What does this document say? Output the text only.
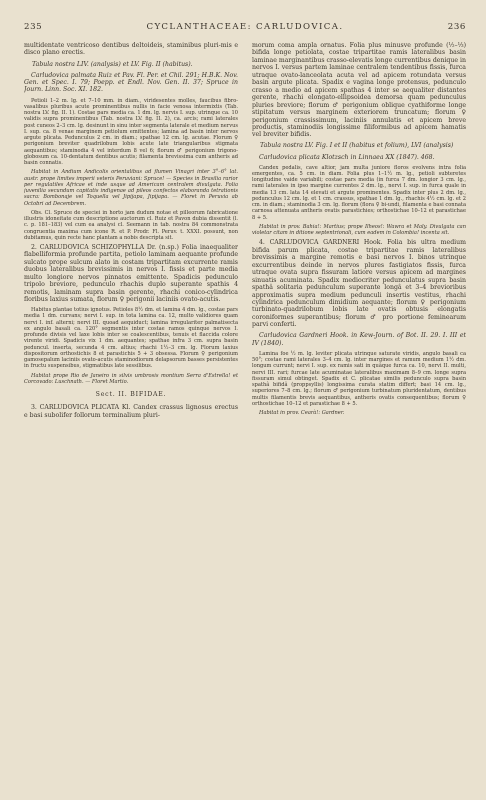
235	CYCLANTHACEAE: CARLUDOVICA.	236

multidentate ventricoso dentibus deltoideis, staminibus pluri-mis e disco plano erectis.

Tabula nostra LIV. (analysis) et LV. Fig. II (habitus).

Carludovica palmata Ruiz et Pav. Fl. Per. et Chil. 291; H.B.K. Nov. Gen. et Spec. I. 79; Poepp. et Endl. Nov. Gen. II. 37; Spruce in Journ. Linn. Soc. XI. 182.

Petioli 1–2 m. lg. et 7–10 mm. in diam., viridesentes molles, faucibus fibro-vasalibus pluribus acute prominentibus nullis in facie venosa intermixtis (Tab. nostra LV. fig. II. 1). Costae pars media ca. 1 dm. lg. nervis I. sup. utrinque ca. 10 validis supra prominentibus (Tab. nostra LV. fig. II. 2), ca. arcis; rami laterales post cuneos 2–3 cm. lg. desinunt in sinu inter segmenta laterale et medium nervus I. sup. ca. 8 venae marginem petiolum emittentes; lamina ad basin inter nervos argute plicata. Pedunculus 2 cm. in diam.; spathae 12 cm. lg. acutae. Florum ♀ perigonium breviter quadrilobum lobis acute late triangularibus stigmata aequantibus; staminodia 4 vel interdum 8 vel 6; florum ♂ perigonium trigono-globosum ca. 10-dentatum dentibus acutis; filamenta brevissima cum antheris ad basin connatis.

Habitat in Andium Andicolis orientalibus ad flumen Vinagri inter 3°–6° lat. austr. prope limites imperii veteris Peruviani: Spruce! — Species in Brasilia rarior per regulatiles Africae et inde usque ad Americam centralem divulgata. Folia juvenilia secundum capitatis indigenae ad pileos confectos elaboranda tetrationis sacra: Bombonaje vel Toquella vel Jipijapa, Jipijapa. — Floret in Peruvia ab Octobri ad Decembrem.

Obs. Cl. Spruce de speciei in horto jam dudum notae et pilleorum fabricatione illustris idoneitate cum descriptione auctorum cl. Ruiz et Pavon dubia dissentit (l. c. p. 181–183) vel cum ea analysi cl. Seemann in tab. nostra 84 commonstrata congruentia maxima cum icone R. et P. Prodr. Fl. Peruv. t. XXXI. possunt, non dubitamus, quin recte hanc plantam a nobis descripta sit.

2. CARLUDOVICA SCHIZOPHYLLA Dr. (n.sp.) Folia inaequaliter flabelliformia profunde partita, petiolo laminam aequante profunde sulcato prope sulcum alato in costam tripartitam excurrente ramis duobus lateralibus brevissimis in nervos I. fissis et parte media multo longiore nervos pinnatos emittente. Spadicis pedunculo tripolo breviore, pedunculo rhachis duplo superante spathis 4 remotis, laminam supra basin gerente, rhachi conico-cylindrica floribus laxius sumata, florum ♀ perigonii laciniis ovato-acutis.

Habitus plantae totius ignotus. Petioles 8½ dm. et lamina 4 dm. lg., costae pars media 1 dm. curvans; nervi I. sup. in tota lamina ca. 12, multo validiores quam nervi I. inf. alterni; nervi III. quoad aequiduct; lamina irregulariter palmatisecta ex angulo basali ca. 120° segmentis inter costae ramos quinque nervos I. profunde divisis vel laxe lobis inter se coalescentibus, tenuis et flaccida colore virente viridi. Spadicis vix 1 dm. aequantes; spathae infra 3 cm. supra basin peduncul. inserta, secunda 4 cm. altius; rhachi 1½–3 cm. lg. Florum laxius dispositorum orthostichis 8 et parastichis 5 + 3 obsessa. Florum ♀ perigonium gamosepalum laciniis ovato-acutis staminodiorum delapsorum basses persistentes in fructu suspensibus, stigmatibus late sessilibus.

Habitat prope Rio de Janeiro in silvis umbrosis montium Serra d'Estrella! et Corcovado: Luschnath. — Floret Martio.

Sect. II. BIFIDAE.

3. CARLUDOVICA PLICATA Kl. Candex crassus lignosus erectus e basi subolifer follorum terminalium pluri-

morum coma ampla ornatus. Folia plus minusve profunde (½–⅓) bifida longe petiolata, costae tripartitae ramis lateralibus basin laminae marginantibus crasso-elevatis longe currentibus denique in nervos I. versus partem laminae centralem tendentibus fissis, furca utraque ovato-lanceolata acuta vel ad apicem rotundata versus basin argute plicata. Spadix e vagina longe protensus, pedunculo crasso a medio ad apicem spathas 4 inter se aequaliter distantes gerente, rhachi elongato-ellipsoidea demorsa quam pedunculus pluries breviore; florum ♂ perigonium oblique cyathiforme longe stipitatum versus marginem exteriorem truncatum; florum ♀ perigonium crassissimum, laciniis annulatis et apicem breve productis, staminodiis longissime filiformibus ad apicem hamatis vel breviter bifidis.

Tabula nostra LV. Fig. I et II (habitus et folium), LVI (analysis)

Carludovica plicata Klotzsch in Linnaea XX (1847). 468.

Candex pedalis, cave altior, jam multa juniore floros evolvens intra folia emergentes, ca. 5 cm. in diam. Folia plus 1–1½ m. lg., petioli subteretes longitudine vaide variabili; costae pars media (in furca 7 dm. longior 3 cm. lg., rami laterales in ipso margine currentes 2 dm. lg., nervi I. sup. in furca quale in media 13 cm. lata 14 elevati et argute prominentes. Spadix inter plus 2 dm. lg., pedunculus 12 cm. lg. et 1 cm. crassus, spathae 1 dm. lg., rhachis 4½ cm. lg. et 2 cm. in diam.; staminodia 3 cm. lg. florum (flora ♀ bi-undi, filamenta e basi connata carnosa attenuata antheris ovatis parastichies; orthostichae 10–12 et parastichae 8 + 5.

Habitat in prov. Bahia!: Martius; prope Ilheos!: Wawra et Maly. Divulgata can violetar citam in ditione septentrionali, cum eadem in Colombia! incenta sit.

4. CARLUDOVICA GARDNERI Hook. Folia bis ultra medium bifida parum plicata, costae tripartitae ramis lateralibus brevissimis a margine remotis e basi nervos I. binos utrinque excurrentibus deinde in nervos plures fastigiatos fissis, furca utraque ovata supra fissuram latiore versus apicem ad margines sinuatis acuminata. Spadix mediocriter pedunculatus supra basin spathâ solitaria pedunculum superante longâ et 3–4 brevioribus approximatis supra medium pedunculi insertis vestitus, rhachi cylindrica pedunculum dimidium aequante; florum ♀ perigonium turbinato-quadrilobum lobis late ovatis obtusis elongatis coroniformes superantibus; florum ♂ pro portione feminearum parvi conferti.

Carludovica Gardneri Hook. in Kew-Journ. of Bot. II. 29. I. III et IV (1840).

Lamina foe ½ m. lg. leviter plicata utrinque saturate viridis, angulo basali ca 50°; costae rami laterales 3–4 cm. lg. inter margines et ramum medium 1½ dm. longum currunt; nervi I. sup. ex ramis sati in quâque furca ca. 10, nervi II. multi, nervi III. rari; furcae late acuminatae lateralibus maximam 8–9 cm. longe supra fissuram simul obtinget. Spadix et C. plicatae similis pedunculo supra basin spathâ bifidâ (proppsyllis) longissima curata statim differt; basi 14 cm. lg., superiores 7–8 cm. lg.; florum ♂ perigonium turbinatum pluridentatum, dentibus multis filamentis brevis aequantibus, antheris ovatis consequentibus; florum ♀ orthostichae 10–12 et parastichae 8 + 5.

Habitat in prov. Cearà!: Gardner.
